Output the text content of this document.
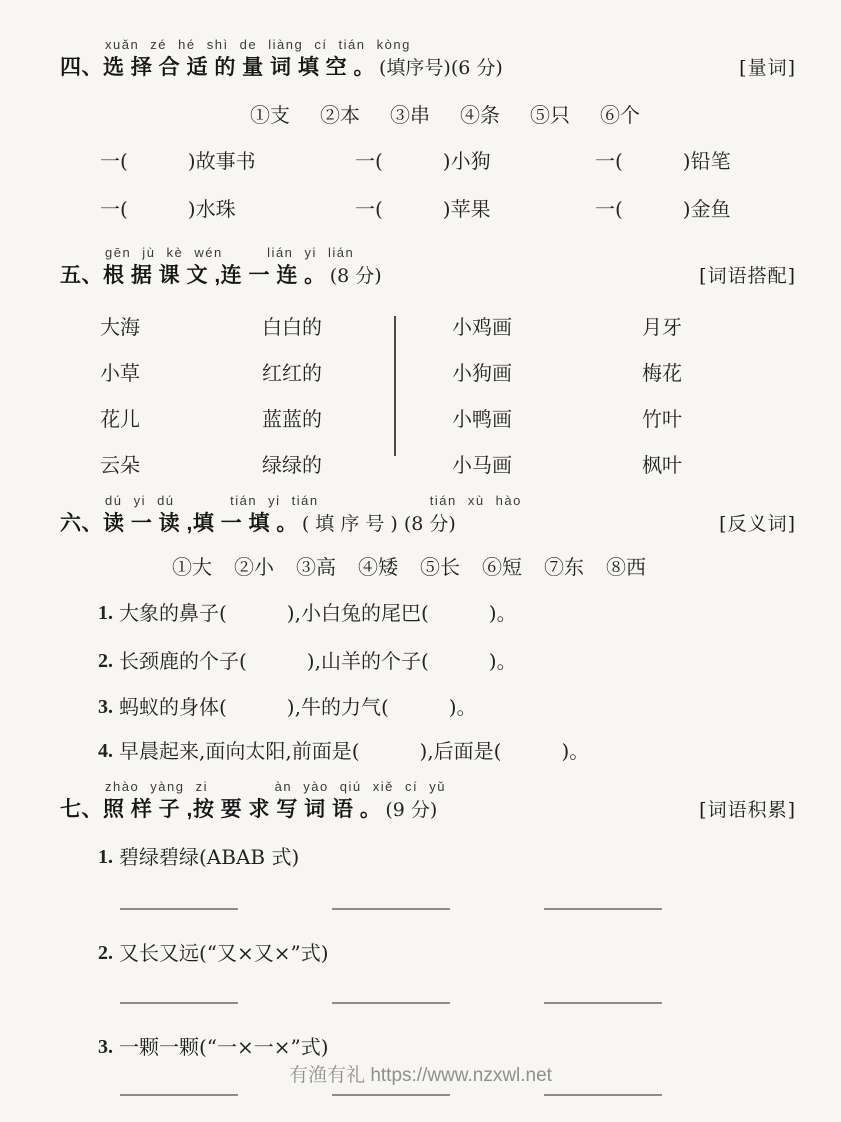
xuǎn zé hé shì de liàng cí tián kòng
四、选 择 合 适 的 量 词 填 空 。 (填序号)(6 分)	[量词]
①支 ②本 ③串 ④条 ⑤只 ⑥个
一(　　　)故事书	一(　　　)小狗	一(　　　)铅笔
一(　　　)水珠	一(　　　)苹果	一(　　　)金鱼
gēn jù kè wén    lián yi lián
五、根 据 课 文 ,连 一 连 。 (8 分)	[词语搭配]
大海	白白的	小鸡画	月牙
小草	红红的	小狗画	梅花
花儿	蓝蓝的	小鸭画	竹叶
云朵	绿绿的	小马画	枫叶
dú yi dú     tián yi tián          tián xù hào
六、读 一 读 ,填 一 填 。 ( 填 序 号 ) (8 分)	[反义词]
①大 ②小 ③高 ④矮 ⑤长 ⑥短 ⑦东 ⑧西
1. 大象的鼻子(　　　),小白兔的尾巴(　　　)。
2. 长颈鹿的个子(　　　),山羊的个子(　　　)。
3. 蚂蚁的身体(　　　),牛的力气(　　　)。
4. 早晨起来,面向太阳,前面是(　　　),后面是(　　　)。
zhào yàng zi      àn yào qiú xiě cí yǔ
七、照 样 子 ,按 要 求 写 词 语 。 (9 分)	[词语积累]
1. 碧绿碧绿(ABAB 式)
2. 又长又远(“又×又×”式)
3. 一颗一颗(“一×一×”式)
有渔有礼 https://www.nzxwl.net
